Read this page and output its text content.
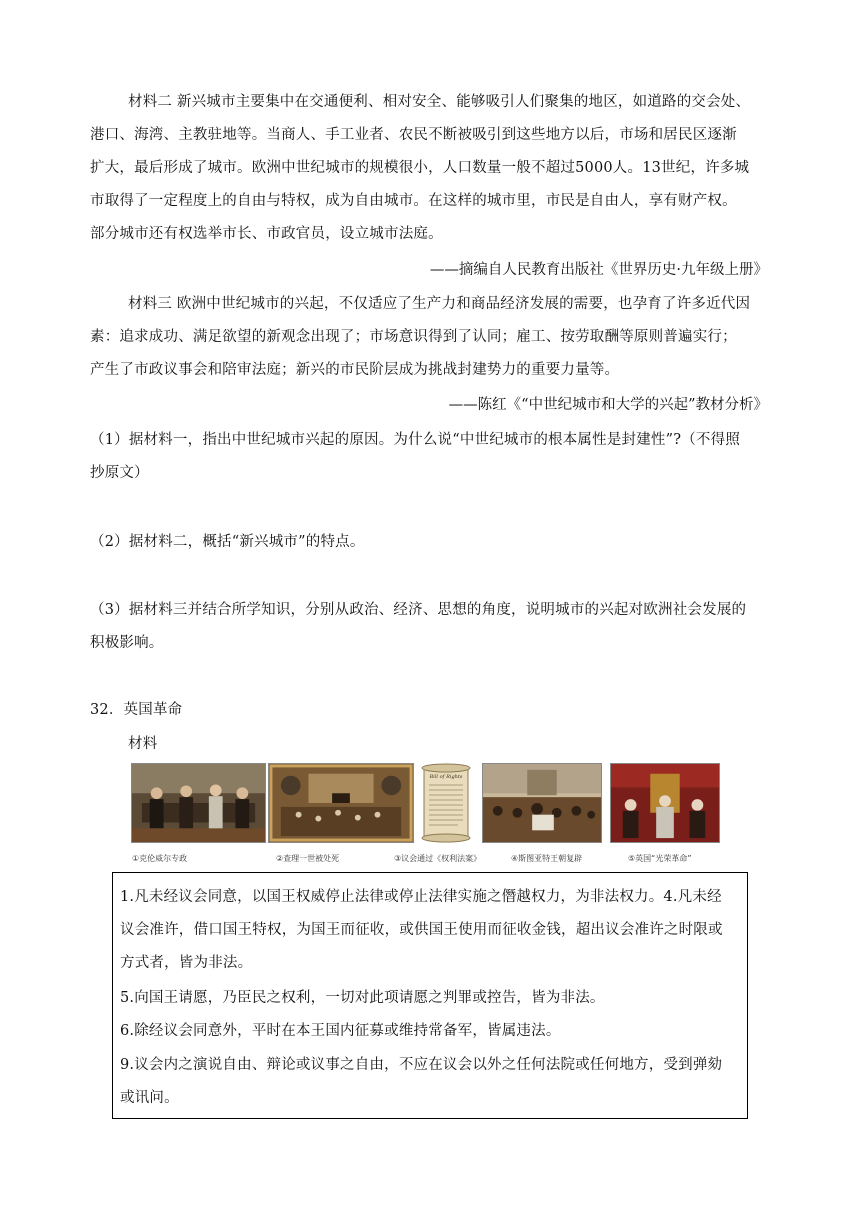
材料二 新兴城市主要集中在交通便利、相对安全、能够吸引人们聚集的地区，如道路的交会处、
港口、海湾、主教驻地等。当商人、手工业者、农民不断被吸引到这些地方以后，市场和居民区逐渐
扩大，最后形成了城市。欧洲中世纪城市的规模很小，人口数量一般不超过5000人。13世纪，许多城
市取得了一定程度上的自由与特权，成为自由城市。在这样的城市里，市民是自由人，享有财产权。
部分城市还有权选举市长、市政官员，设立城市法庭。
——摘编自人民教育出版社《世界历史·九年级上册》
材料三 欧洲中世纪城市的兴起，不仅适应了生产力和商品经济发展的需要，也孕育了许多近代因
素：追求成功、满足欲望的新观念出现了；市场意识得到了认同；雇工、按劳取酬等原则普遍实行；
产生了市政议事会和陪审法庭；新兴的市民阶层成为挑战封建势力的重要力量等。
——陈红《“中世纪城市和大学的兴起”教材分析》
（1）据材料一，指出中世纪城市兴起的原因。为什么说“中世纪城市的根本属性是封建性”?（不得照
抄原文）
（2）据材料二，概括“新兴城市”的特点。
（3）据材料三并结合所学知识，分别从政治、经济、思想的角度，说明城市的兴起对欧洲社会发展的
积极影响。
32．英国革命
材料
Bill of Rights
①克伦威尔专政	②查理一世被处死	③议会通过《权利法案》	④斯图亚特王朝复辟	⑤英国“光荣革命”
1.凡未经议会同意，以国王权威停止法律或停止法律实施之僭越权力，为非法权力。4.凡未经
议会准许，借口国王特权，为国王而征收，或供国王使用而征收金钱，超出议会准许之时限或
方式者，皆为非法。
5.向国王请愿，乃臣民之权利，一切对此项请愿之判罪或控告，皆为非法。
6.除经议会同意外，平时在本王国内征募或维持常备军，皆属违法。
9.议会内之演说自由、辩论或议事之自由，不应在议会以外之任何法院或任何地方，受到弹劾
或讯问。
